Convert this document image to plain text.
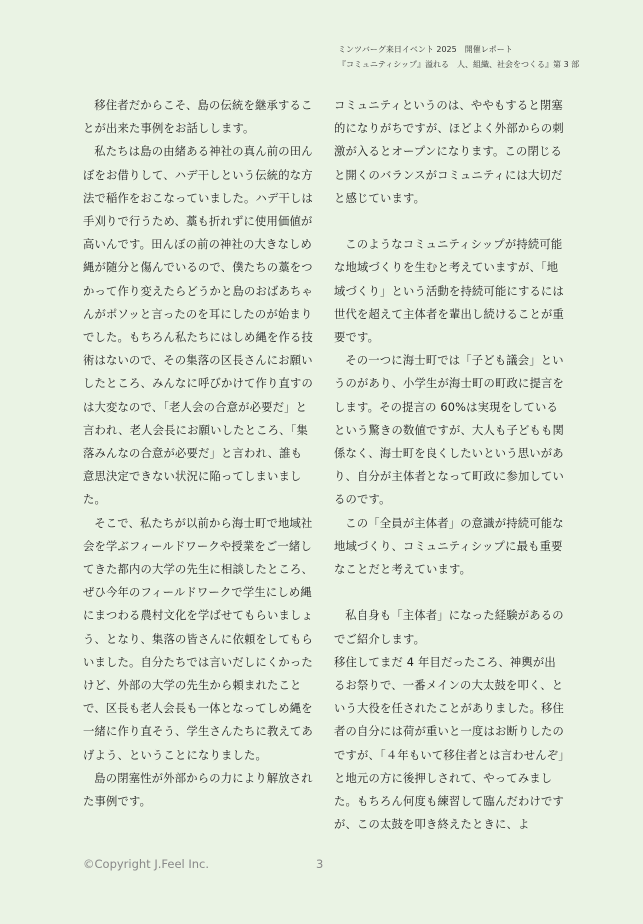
ミンツバーグ来日イベント 2025　開催レポート
『コミュニティシップ』溢れる　人、組織、社会をつくる』第 3 部

移住者だからこそ、島の伝統を継承することが出来た事例をお話しします。

私たちは島の由緒ある神社の真ん前の田んぼをお借りして、ハデ干しという伝統的な方法で稲作をおこなっていました。ハデ干しは手刈りで行うため、藁も折れずに使用価値が高いんです。田んぼの前の神社の大きなしめ縄が随分と傷んでいるので、僕たちの藁をつかって作り変えたらどうかと島のおばあちゃんがポソッと言ったのを耳にしたのが始まりでした。もちろん私たちにはしめ縄を作る技術はないので、その集落の区長さんにお願いしたところ、みんなに呼びかけて作り直すのは大変なので、「老人会の合意が必要だ」と言われ、老人会長にお願いしたところ、「集落みんなの合意が必要だ」と言われ、誰も意思決定できない状況に陥ってしまいました。

そこで、私たちが以前から海士町で地域社会を学ぶフィールドワークや授業をご一緒してきた都内の大学の先生に相談したところ、ぜひ今年のフィールドワークで学生にしめ縄にまつわる農村文化を学ばせてもらいましょう、となり、集落の皆さんに依頼をしてもらいました。自分たちでは言いだしにくかったけど、外部の大学の先生から頼まれたことで、区長も老人会長も一体となってしめ縄を一緒に作り直そう、学生さんたちに教えてあげよう、ということになりました。

島の閉塞性が外部からの力により解放された事例です。

コミュニティというのは、ややもすると閉塞的になりがちですが、ほどよく外部からの刺激が入るとオープンになります。この閉じると開くのバランスがコミュニティには大切だと感じています。

このようなコミュニティシップが持続可能な地域づくりを生むと考えていますが、「地域づくり」という活動を持続可能にするには世代を超えて主体者を輩出し続けることが重要です。

その一つに海士町では「子ども議会」というのがあり、小学生が海士町の町政に提言をします。その提言の 60%は実現をしているという驚きの数値ですが、大人も子どもも関係なく、海士町を良くしたいという思いがあり、自分が主体者となって町政に参加しているのです。

この「全員が主体者」の意識が持続可能な地域づくり、コミュニティシップに最も重要なことだと考えています。

私自身も「主体者」になった経験があるのでご紹介します。

移住してまだ 4 年目だったころ、神輿が出るお祭りで、一番メインの大太鼓を叩く、という大役を任されたことがありました。移住者の自分には荷が重いと一度はお断りしたのですが、「４年もいて移住者とは言わせんぞ」と地元の方に後押しされて、やってみました。もちろん何度も練習して臨んだわけですが、この太鼓を叩き終えたときに、よ

©Copyright J.Feel Inc.	3
